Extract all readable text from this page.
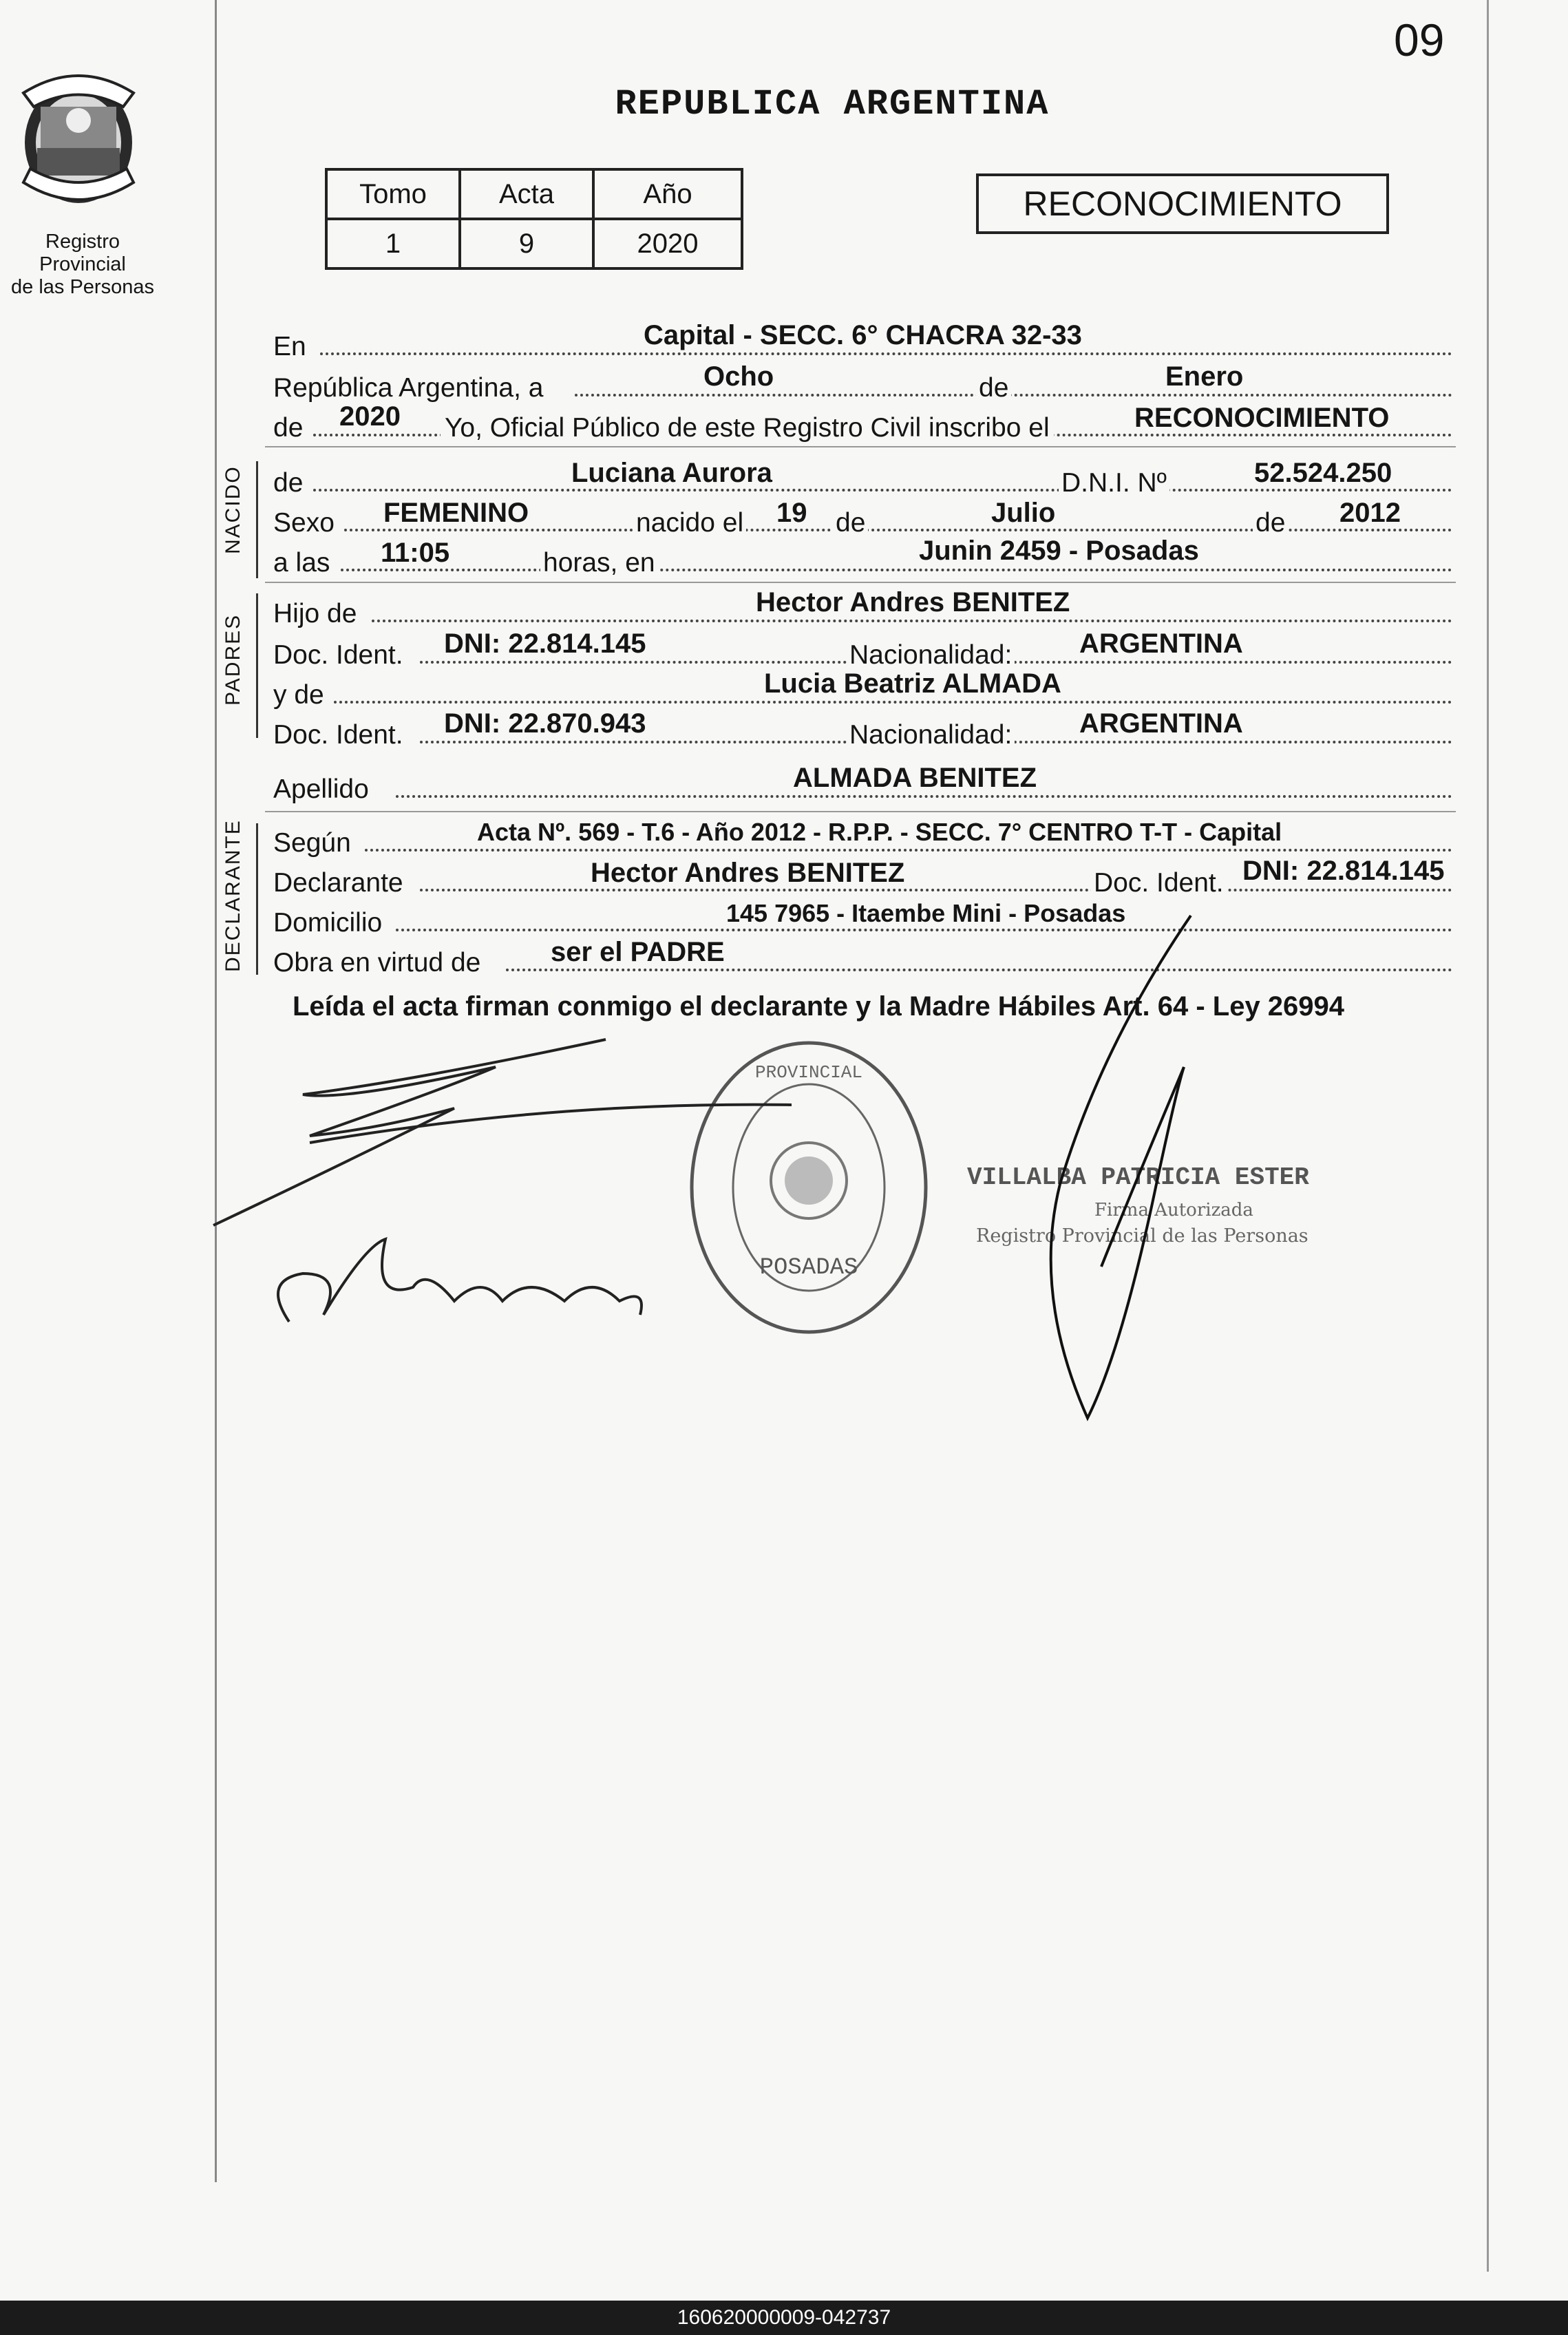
09
Registro Provincial
de las Personas
REPUBLICA ARGENTINA
Tomo	Acta	Año
1	9	2020
RECONOCIMIENTO
En	Capital - SECC. 6° CHACRA 32-33
República Argentina, a	Ocho	de	Enero
de 2020 Yo, Oficial Público de este Registro Civil inscribo el	RECONOCIMIENTO
NACIDO de	Luciana Aurora	D.N.I. Nº	52.524.250
Sexo FEMENINO	nacido el 19 de	Julio	de 2012
a las 11:05	horas, en	Junin 2459 - Posadas
PADRES
Hijo de	Hector Andres BENITEZ
Doc. Ident. DNI: 22.814.145	Nacionalidad: ARGENTINA
y de	Lucia Beatriz ALMADA
Doc. Ident. DNI: 22.870.943	Nacionalidad: ARGENTINA
Apellido	ALMADA BENITEZ
DECLARANTE Según	Acta Nº. 569 - T.6 - Año 2012 - R.P.P. - SECC. 7° CENTRO T-T - Capital
Declarante	Hector Andres BENITEZ	Doc. Ident. DNI: 22.814.145
Domicilio	145 7965 - Itaembe Mini - Posadas
Obra en virtud de	ser el PADRE
Leída el acta firman conmigo el declarante y la Madre Hábiles Art. 64 - Ley 26994
POSADAS
PROVINCIAL
VILLALBA PATRICIA ESTER
Firma Autorizada
Registro Provincial de las Personas
160620000009-042737
